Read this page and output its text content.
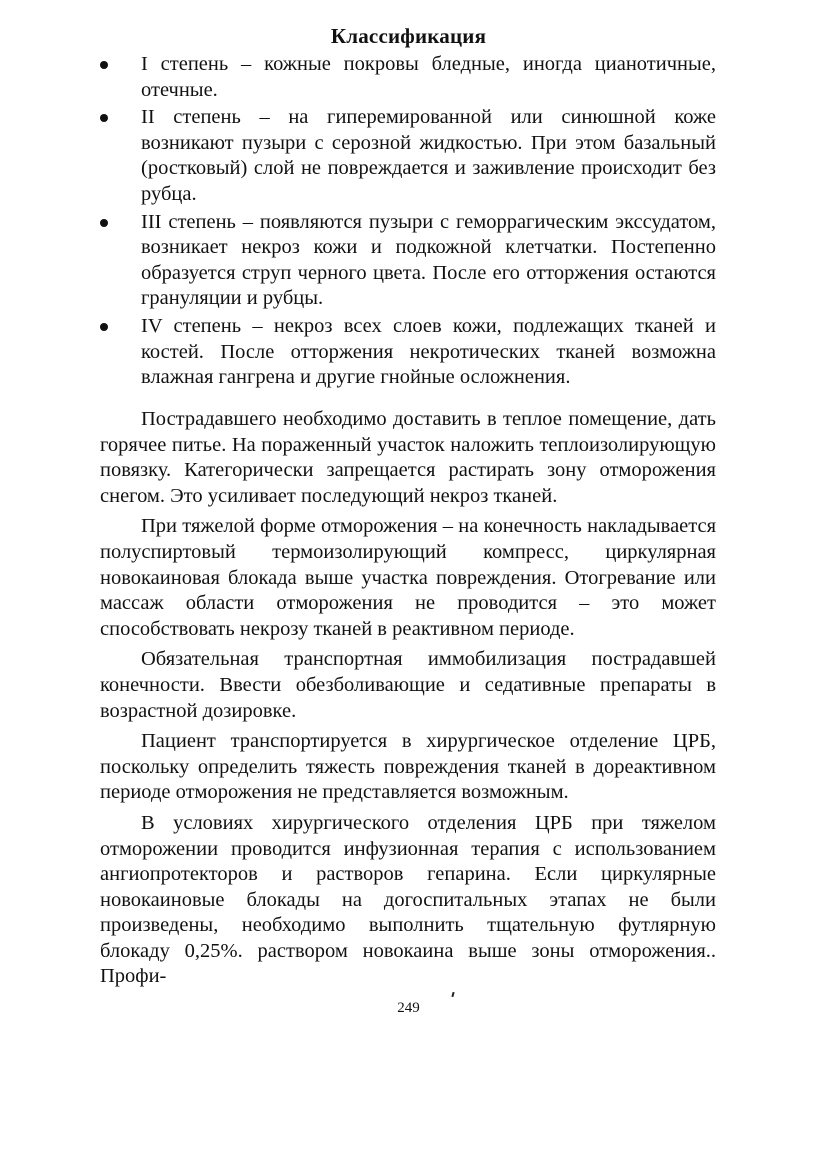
Классификация
I степень – кожные покровы бледные, иногда цианотичные, отечные.
II степень – на гиперемированной или синюшной коже возникают пузыри с серозной жидкостью. При этом базальный (ростковый) слой не повреждается и заживление происходит без рубца.
III степень – появляются пузыри с геморрагическим экссудатом, возникает некроз кожи и подкожной клетчатки. Постепенно образуется струп черного цвета. После его отторжения остаются грануляции и рубцы.
IV степень – некроз всех слоев кожи, подлежащих тканей и костей. После отторжения некротических тканей возможна влажная гангрена и другие гнойные осложнения.

Пострадавшего необходимо доставить в теплое помещение, дать горячее питье. На пораженный участок наложить теплоизолирующую повязку. Категорически запрещается растирать зону отморожения снегом. Это усиливает последующий некроз тканей.

При тяжелой форме отморожения – на конечность накладывается полуспиртовый термоизолирующий компресс, циркулярная новокаиновая блокада выше участка повреждения. Отогревание или массаж области отморожения не проводится – это может способствовать некрозу тканей в реактивном периоде.

Обязательная транспортная иммобилизация пострадавшей конечности. Ввести обезболивающие и седативные препараты в возрастной дозировке.

Пациент транспортируется в хирургическое отделение ЦРБ, поскольку определить тяжесть повреждения тканей в дореактивном периоде отморожения не представляется возможным.

В условиях хирургического отделения ЦРБ при тяжелом отморожении проводится инфузионная терапия с использованием ангиопротекторов и растворов гепарина. Если циркулярные новокаиновые блокады на догоспитальных этапах не были произведены, необходимо выполнить тщательную футлярную блокаду 0,25%. раствором новокаина выше зоны отморожения.. Профи-

249
